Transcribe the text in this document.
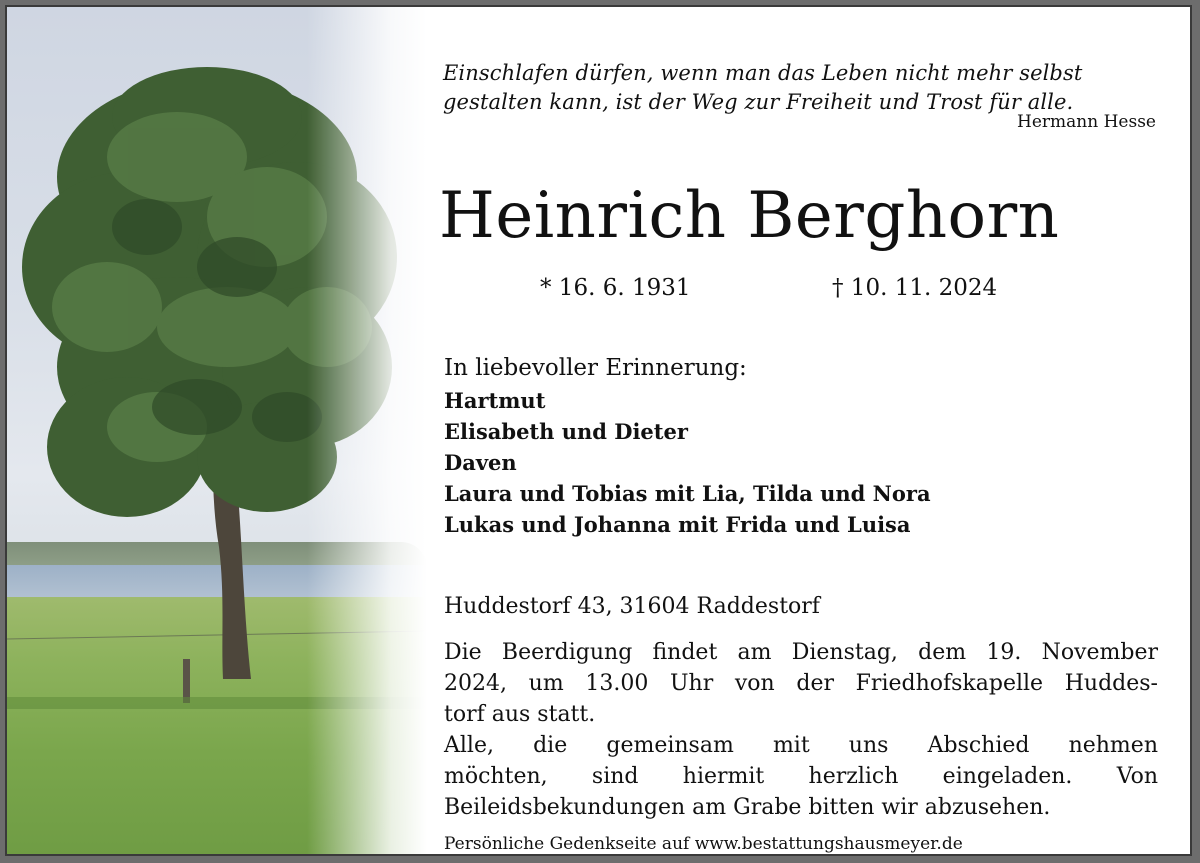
Einschlafen dürfen, wenn man das Leben nicht mehr selbst
gestalten kann, ist der Weg zur Freiheit und Trost für alle.

Hermann Hesse

Heinrich Berghorn

* 16. 6. 1931	† 10. 11. 2024

In liebevoller Erinnerung:

Hartmut
Elisabeth und Dieter
Daven
Laura und Tobias mit Lia, Tilda und Nora
Lukas und Johanna mit Frida und Luisa

Huddestorf 43, 31604 Raddestorf

Die Beerdigung findet am Dienstag, dem 19. November
2024, um 13.00 Uhr von der Friedhofskapelle Huddes-
torf aus statt.
Alle, die gemeinsam mit uns Abschied nehmen
möchten, sind hiermit herzlich eingeladen. Von
Beileidsbekundungen am Grabe bitten wir abzusehen.

Persönliche Gedenkseite auf www.bestattungshausmeyer.de
